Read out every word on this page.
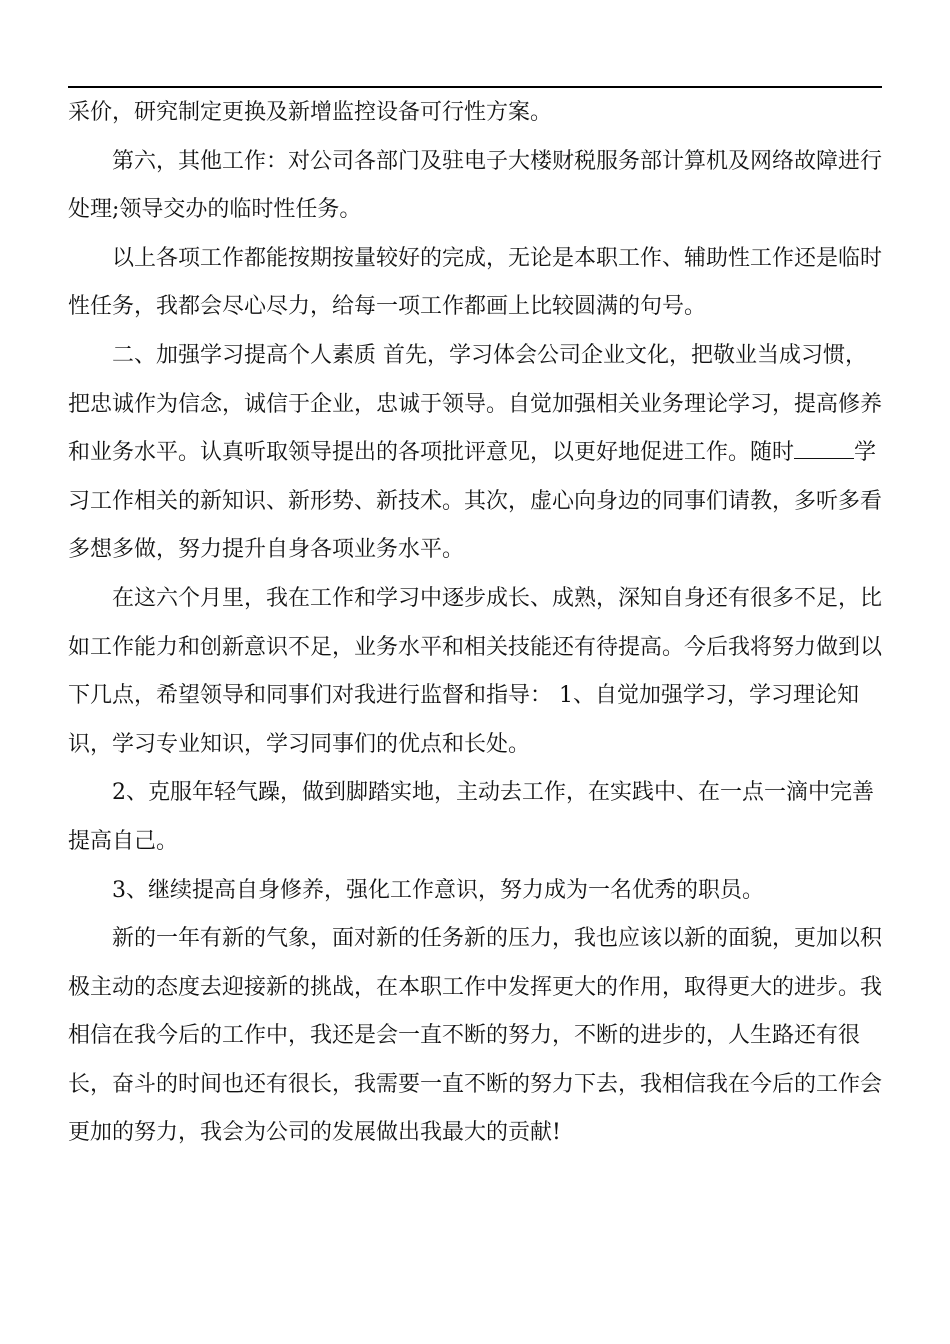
采价，研究制定更换及新增监控设备可行性方案。

第六，其他工作：对公司各部门及驻电子大楼财税服务部计算机及网络故障进行处理;领导交办的临时性任务。

以上各项工作都能按期按量较好的完成，无论是本职工作、辅助性工作还是临时性任务，我都会尽心尽力，给每一项工作都画上比较圆满的句号。

二、加强学习提高个人素质 首先，学习体会公司企业文化，把敬业当成习惯，把忠诚作为信念，诚信于企业，忠诚于领导。自觉加强相关业务理论学习，提高修养和业务水平。认真听取领导提出的各项批评意见，以更好地促进工作。随时	学习工作相关的新知识、新形势、新技术。其次，虚心向身边的同事们请教，多听多看多想多做，努力提升自身各项业务水平。

在这六个月里，我在工作和学习中逐步成长、成熟，深知自身还有很多不足，比如工作能力和创新意识不足，业务水平和相关技能还有待提高。今后我将努力做到以下几点，希望领导和同事们对我进行监督和指导： 1、自觉加强学习，学习理论知识，学习专业知识，学习同事们的优点和长处。

2、克服年轻气躁，做到脚踏实地，主动去工作，在实践中、在一点一滴中完善提高自己。

3、继续提高自身修养，强化工作意识，努力成为一名优秀的职员。

新的一年有新的气象，面对新的任务新的压力，我也应该以新的面貌，更加以积极主动的态度去迎接新的挑战，在本职工作中发挥更大的作用，取得更大的进步。我相信在我今后的工作中，我还是会一直不断的努力，不断的进步的，人生路还有很长，奋斗的时间也还有很长，我需要一直不断的努力下去，我相信我在今后的工作会更加的努力，我会为公司的发展做出我最大的贡献!
